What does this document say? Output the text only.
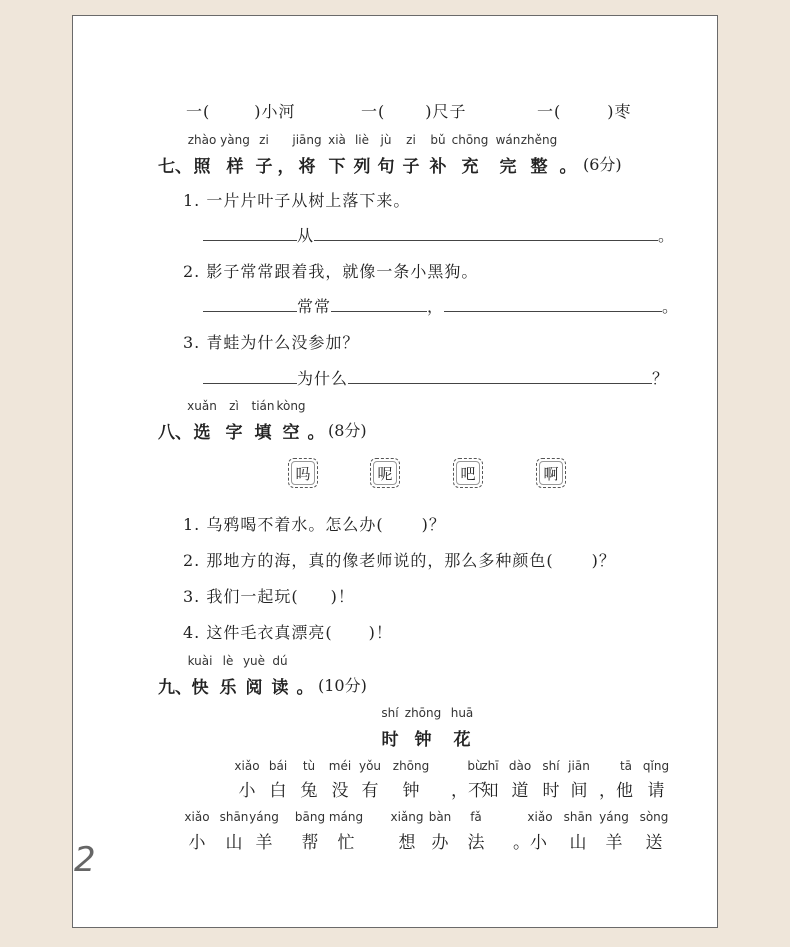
一(	)小河	一(	)尺子	一(	)枣
zhào yàng zi jiāng xià liè jù zi bǔ chōng wán zhěng
七、 照 样 子 ， 将 下 列 句 子 补 充 完 整 。 (6分)
1. 一片片叶子从树上落下来。
从	。
2. 影子常常跟着我，就像一条小黑狗。
常常	，	。
3. 青蛙为什么没参加？
为什么	？
xuǎn zì tián kòng
八、 选 字 填 空 。 (8分)
吗	呢	吧	啊
1. 乌鸦喝不着水。怎么办( )？
2. 那地方的海，真的像老师说的，那么多种颜色( )？
3. 我们一起玩( )！
4. 这件毛衣真漂亮( )！
kuài lè yuè dú
九、 快 乐 阅 读 。 (10分)
shí zhōng huā
时 钟 花
xiǎo bái tù méi yǒu zhōng	bù
zhī dào shí jiān	tā qǐng
小 白 兔 没 有 钟 ，不
知 道 时 间 ，他 请
xiǎo shān yáng bāng máng xiǎng bàn fǎ	xiǎo shān yáng sòng
小 山 羊 帮 忙	想 办 法 。小 山 羊 送
2
